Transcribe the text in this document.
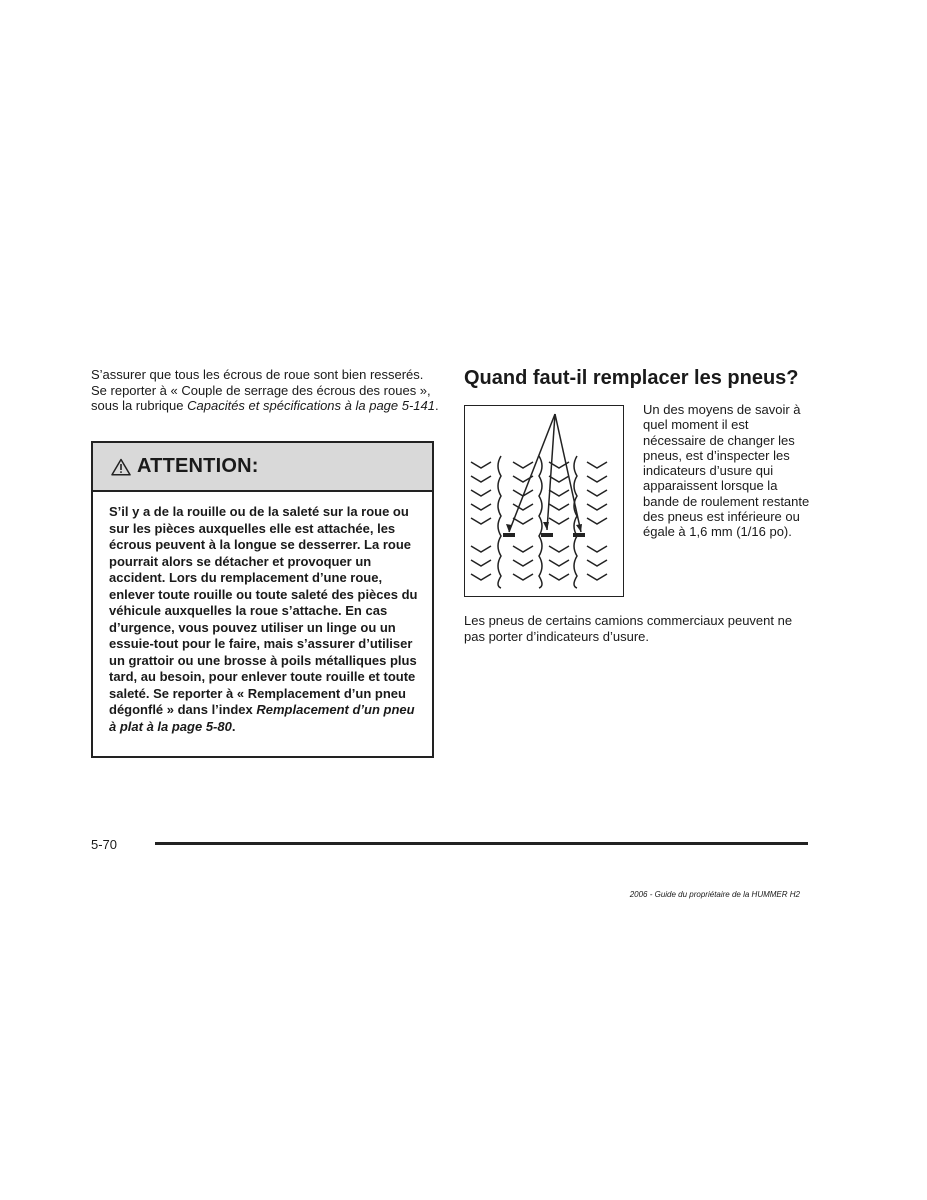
S’assurer que tous les écrous de roue sont bien resserés. Se reporter à « Couple de serrage des écrous des roues », sous la rubrique Capacités et spécifications à la page 5-141.
ATTENTION:
S’il y a de la rouille ou de la saleté sur la roue ou sur les pièces auxquelles elle est attachée, les écrous peuvent à la longue se desserrer. La roue pourrait alors se détacher et provoquer un accident. Lors du remplacement d’une roue, enlever toute rouille ou toute saleté des pièces du véhicule auxquelles la roue s’attache. En cas d’urgence, vous pouvez utiliser un linge ou un essuie-tout pour le faire, mais s’assurer d’utiliser un grattoir ou une brosse à poils métalliques plus tard, au besoin, pour enlever toute rouille et toute saleté. Se reporter à « Remplacement d’un pneu dégonflé » dans l’index Remplacement d’un pneu à plat à la page 5-80.
Quand faut-il remplacer les pneus?
Un des moyens de savoir à quel moment il est nécessaire de changer les pneus, est d’inspecter les indicateurs d’usure qui apparaissent lorsque la bande de roulement restante des pneus est inférieure ou égale à 1,6 mm (1/16 po).
Les pneus de certains camions commerciaux peuvent ne pas porter d’indicateurs d’usure.
5-70
2006 - Guide du propriétaire de la HUMMER H2
